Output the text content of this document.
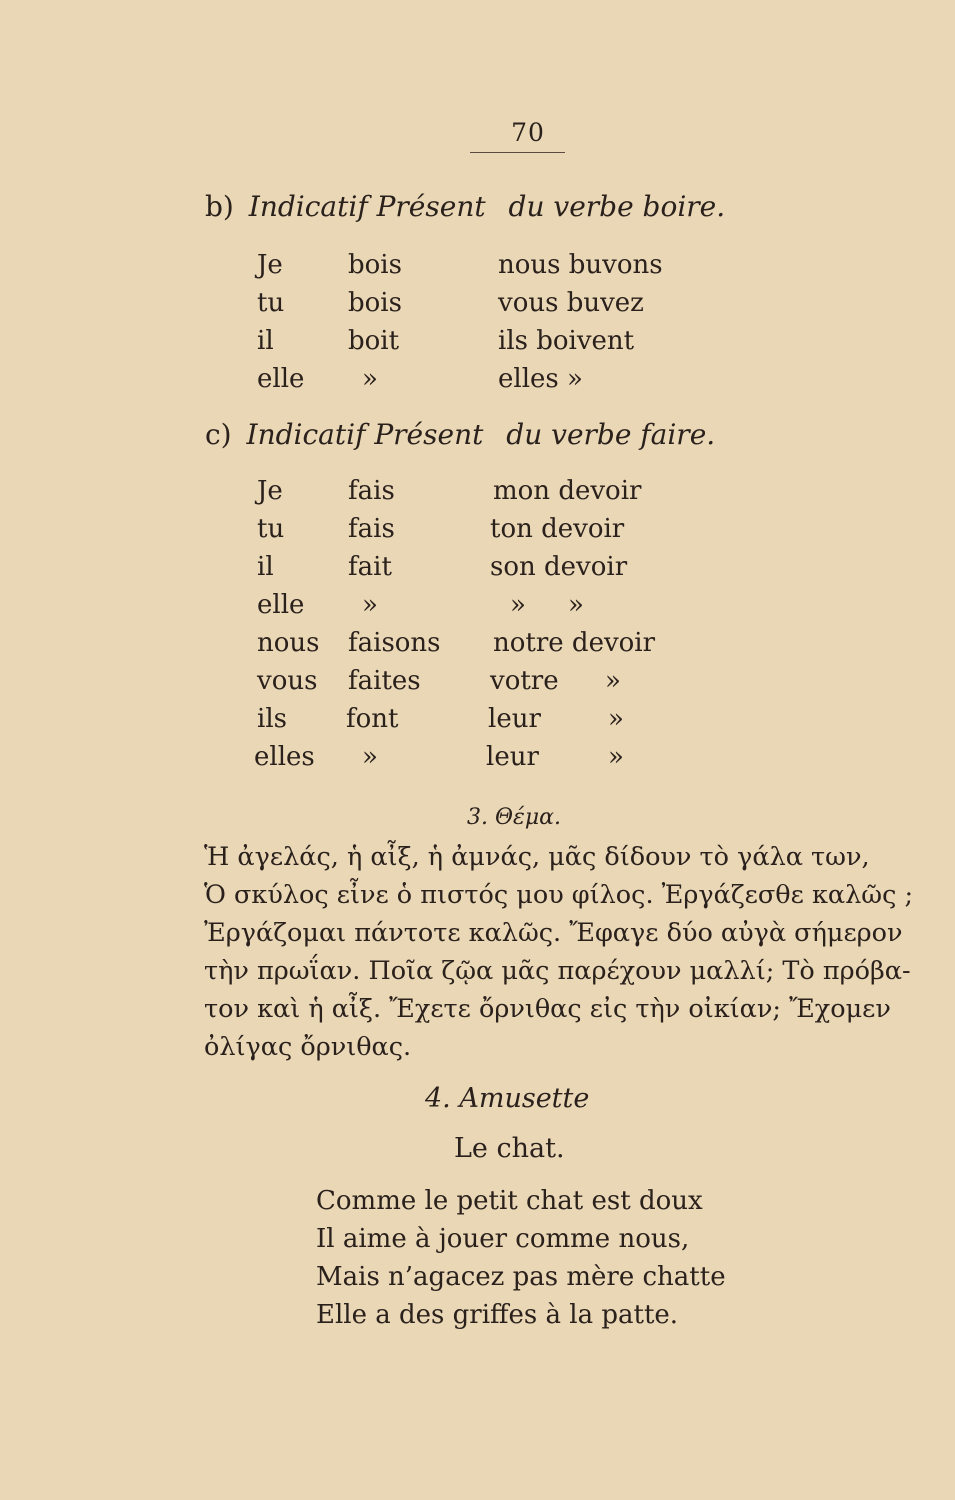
70
b) Indicatif Présent du verbe boire.
Je	bois	nous buvons
tu bois	vous buvez
il	boit	ils boivent
elle »	elles »
c) Indicatif Présent du verbe faire.
Je	fais	mon devoir
tu fais	ton devoir
il	fait	son devoir
elle »	» »
nous faisons notre devoir
vous faites	votre »
ils font	leur	»
elles »	leur	»
3. Θέμα.
Ἡ ἀγελάς, ἡ αἶξ, ἡ ἀμνάς, μᾶς δίδουν τὸ γάλα των,
Ὁ σκύλος εἶνε ὁ πιστός μου φίλος. Ἐργάζεσθε καλῶς ;
Ἐργάζομαι πάντοτε καλῶς. Ἔφαγε δύο αὐγὰ σήμερον
τὴν πρωΐαν. Ποῖα ζῷα μᾶς παρέχουν μαλλί; Τὸ πρόβα-
τον καὶ ἡ αἶξ. Ἔχετε ὄρνιθας εἰς τὴν οἰκίαν; Ἔχομεν
ὀλίγας ὄρνιθας.
4. Amusette
Le chat.
Comme le petit chat est doux
Il aime à jouer comme nous,
Mais n’agacez pas mère chatte
Elle a des griffes à la patte.
